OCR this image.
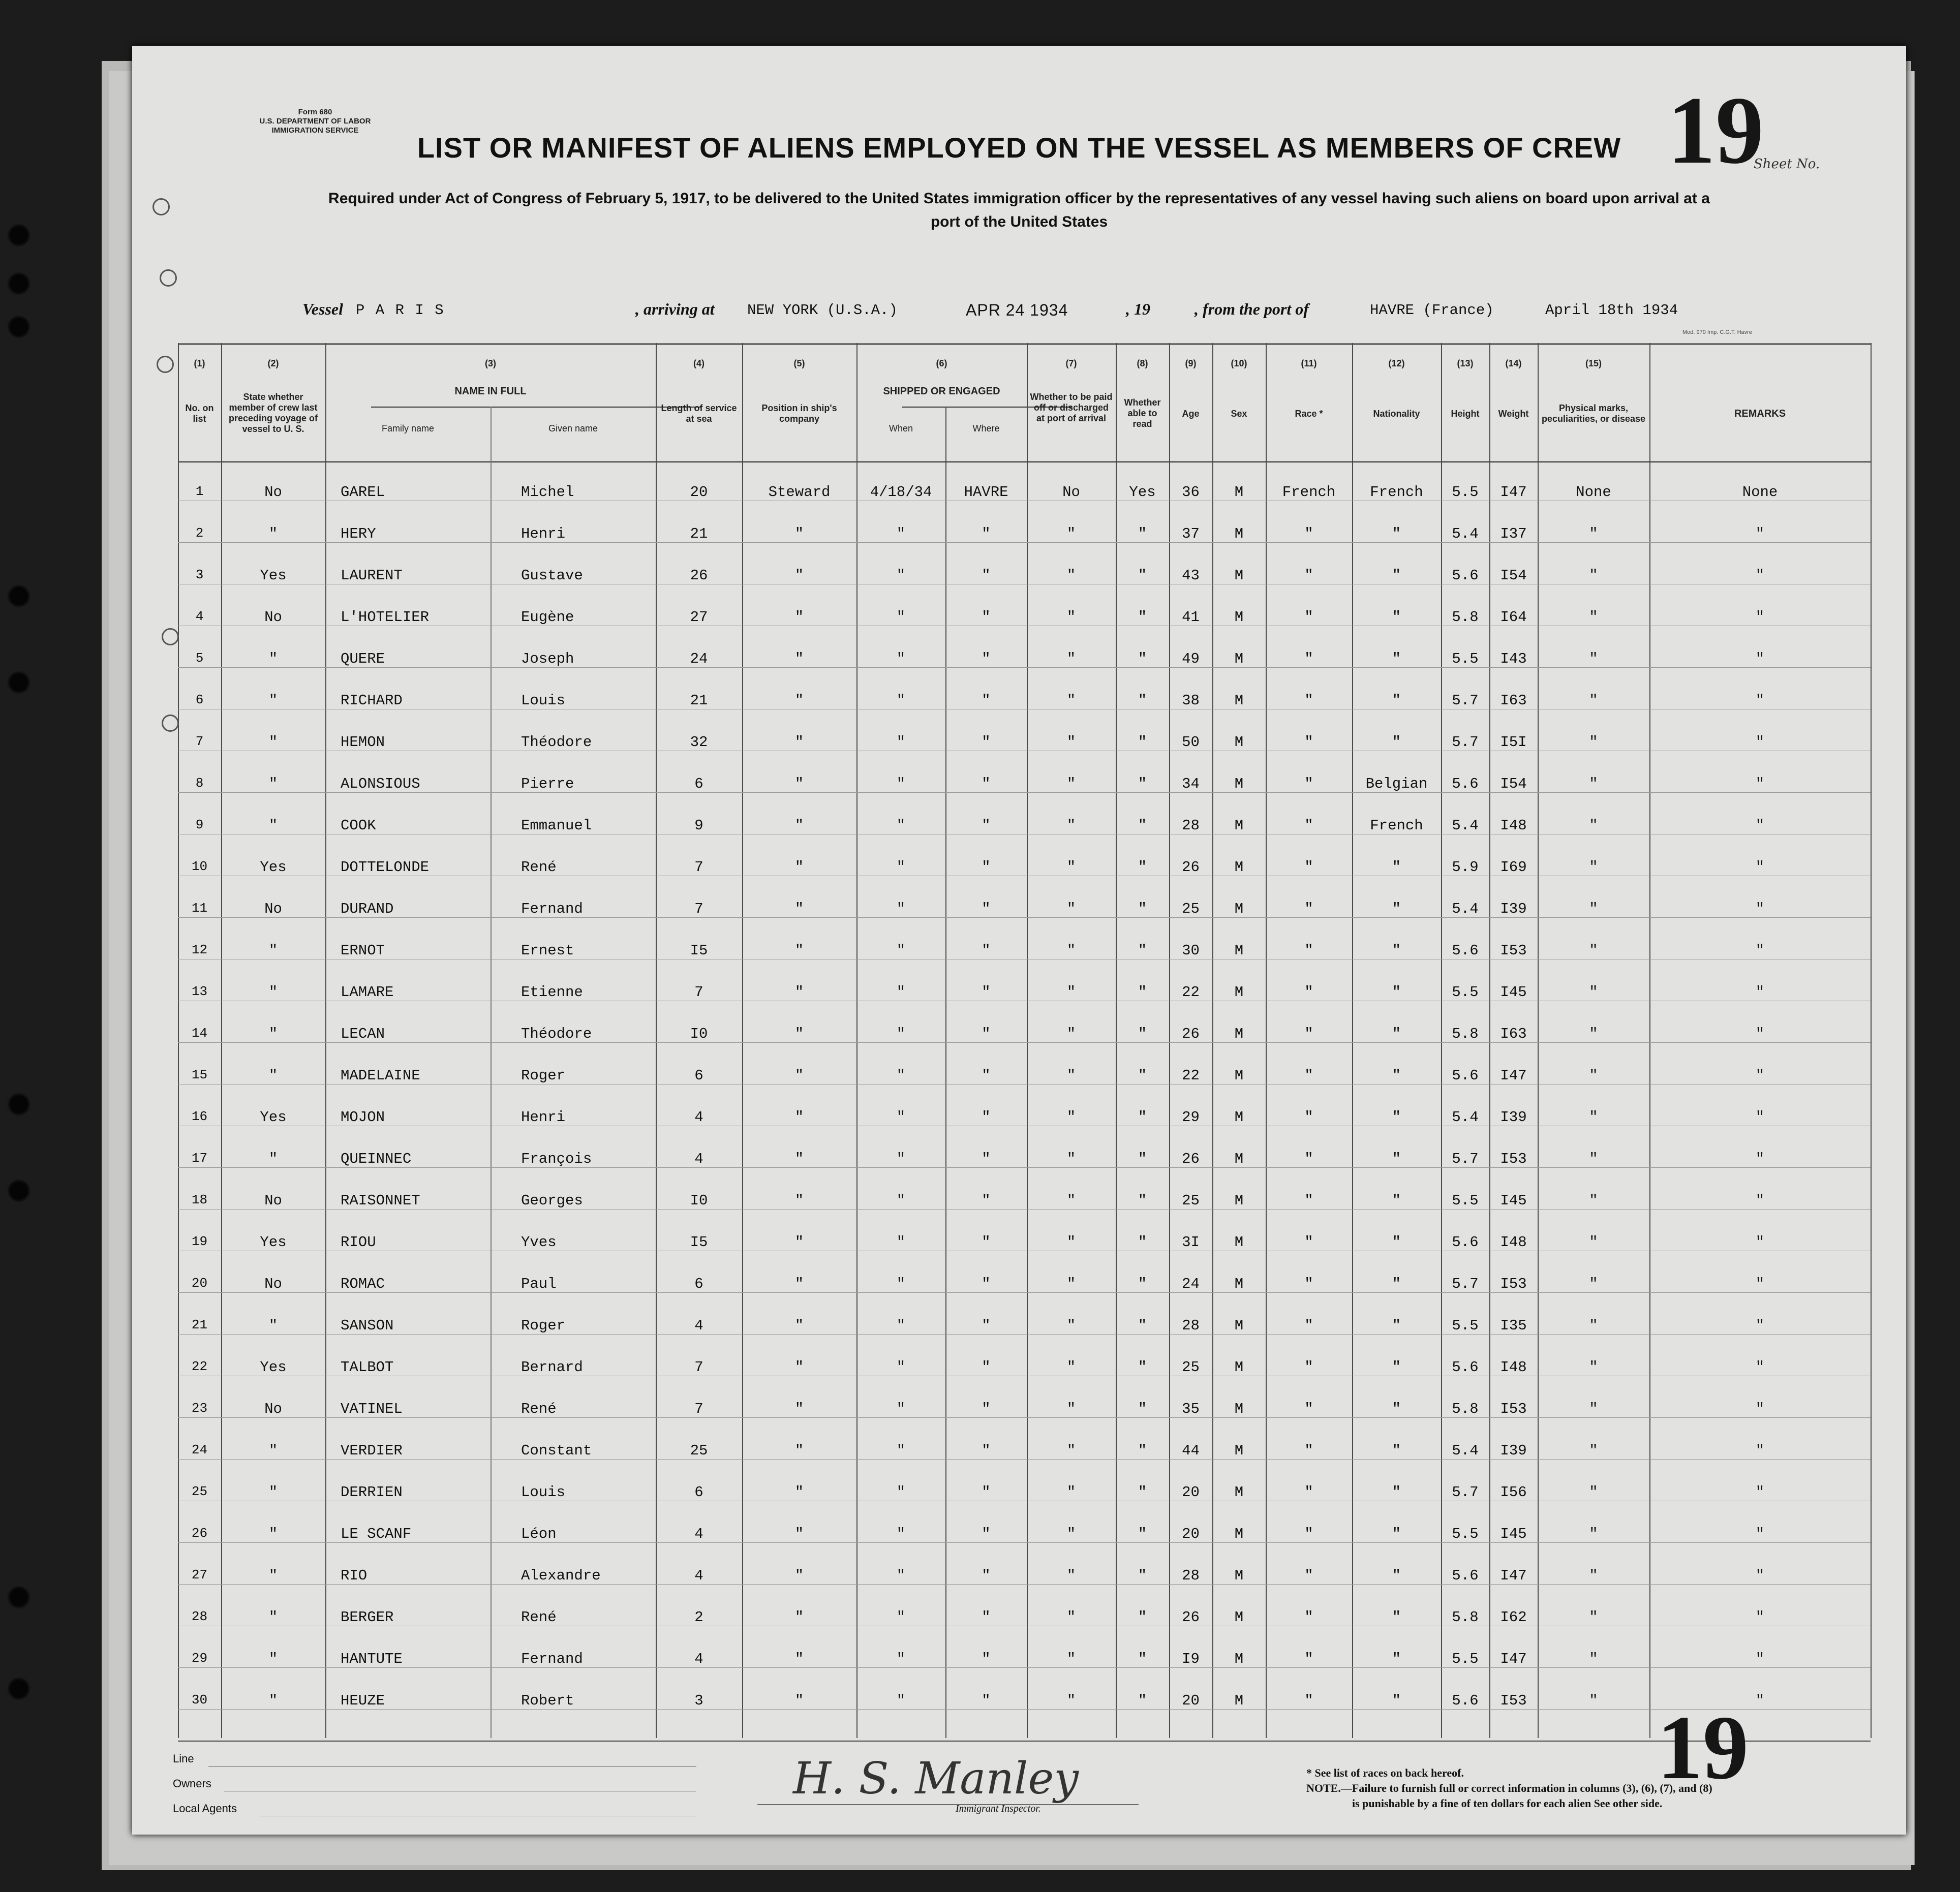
Form 680
U.S. DEPARTMENT OF LABOR
IMMIGRATION SERVICE
LIST OR MANIFEST OF ALIENS EMPLOYED ON THE VESSEL AS MEMBERS OF CREW
Sheet No.
19
Required under Act of Congress of February 5, 1917, to be delivered to the United States immigration officer by the representatives of any vessel having such aliens on board upon arrival at a
port of the United States
Vessel P A R I S	, arriving at NEW YORK (U.S.A.)	APR 24 1934	, 19	, from the port of	HAVRE (France)	April 18th 1934
Mod. 970 Imp. C.G.T. Havre
(1)
No. on list
(2)
State whether member of crew last preceding voyage of vessel to U. S.
(3)
NAME IN FULL
Family name	Given name
(4)
Length of service at sea
(5)
Position in ship's company
(6)
SHIPPED OR ENGAGED
When	Where
(7)
Whether to be paid off or discharged at port of arrival
(8)
Whether able to read
(9)
Age
(10)
Sex
(11)
Race *
(12)
Nationality
(13)
Height
(14)
Weight
(15)
Physical marks, peculiarities, or disease	REMARKS
1	No	GAREL	Michel	20	Steward	4/18/34	HAVRE	No	Yes	36	M	French	French	5.5	I47	None	None
2	"	HERY	Henri	21	"	"	"	"	"	37	M	"	"	5.4	I37	"	"
3	Yes	LAURENT	Gustave	26	"	"	"	"	"	43	M	"	"	5.6	I54	"	"
4	No	L'HOTELIER	Eugène	27	"	"	"	"	"	41	M	"	"	5.8	I64	"	"
5	"	QUERE	Joseph	24	"	"	"	"	"	49	M	"	"	5.5	I43	"	"
6	"	RICHARD	Louis	21	"	"	"	"	"	38	M	"	"	5.7	I63	"	"
7	"	HEMON	Théodore	32	"	"	"	"	"	50	M	"	"	5.7	I5I	"	"
8	"	ALONSIOUS	Pierre	6	"	"	"	"	"	34	M	"	Belgian	5.6	I54	"	"
9	"	COOK	Emmanuel	9	"	"	"	"	"	28	M	"	French	5.4	I48	"	"
10	Yes	DOTTELONDE	René	7	"	"	"	"	"	26	M	"	"	5.9	I69	"	"
11	No	DURAND	Fernand	7	"	"	"	"	"	25	M	"	"	5.4	I39	"	"
12	"	ERNOT	Ernest	I5	"	"	"	"	"	30	M	"	"	5.6	I53	"	"
13	"	LAMARE	Etienne	7	"	"	"	"	"	22	M	"	"	5.5	I45	"	"
14	"	LECAN	Théodore	I0	"	"	"	"	"	26	M	"	"	5.8	I63	"	"
15	"	MADELAINE	Roger	6	"	"	"	"	"	22	M	"	"	5.6	I47	"	"
16	Yes	MOJON	Henri	4	"	"	"	"	"	29	M	"	"	5.4	I39	"	"
17	"	QUEINNEC	François	4	"	"	"	"	"	26	M	"	"	5.7	I53	"	"
18	No	RAISONNET	Georges	I0	"	"	"	"	"	25	M	"	"	5.5	I45	"	"
19	Yes	RIOU	Yves	I5	"	"	"	"	"	3I	M	"	"	5.6	I48	"	"
20	No	ROMAC	Paul	6	"	"	"	"	"	24	M	"	"	5.7	I53	"	"
21	"	SANSON	Roger	4	"	"	"	"	"	28	M	"	"	5.5	I35	"	"
22	Yes	TALBOT	Bernard	7	"	"	"	"	"	25	M	"	"	5.6	I48	"	"
23	No	VATINEL	René	7	"	"	"	"	"	35	M	"	"	5.8	I53	"	"
24	"	VERDIER	Constant	25	"	"	"	"	"	44	M	"	"	5.4	I39	"	"
25	"	DERRIEN	Louis	6	"	"	"	"	"	20	M	"	"	5.7	I56	"	"
26	"	LE SCANF	Léon	4	"	"	"	"	"	20	M	"	"	5.5	I45	"	"
27	"	RIO	Alexandre	4	"	"	"	"	"	28	M	"	"	5.6	I47	"	"
28	"	BERGER	René	2	"	"	"	"	"	26	M	"	"	5.8	I62	"	"
29	"	HANTUTE	Fernand	4	"	"	"	"	"	I9	M	"	"	5.5	I47	"	"
30	"	HEUZE	Robert	3	"	"	"	"	"	20	M	"	"	5.6	I53	"	"
Line
Owners
Local Agents
H. S. Manley
Immigrant Inspector.
* See list of races on back hereof.
NOTE.—Failure to furnish full or correct information in columns (3), (6), (7), and (8)
is punishable by a fine of ten dollars for each alien See other side.
19
